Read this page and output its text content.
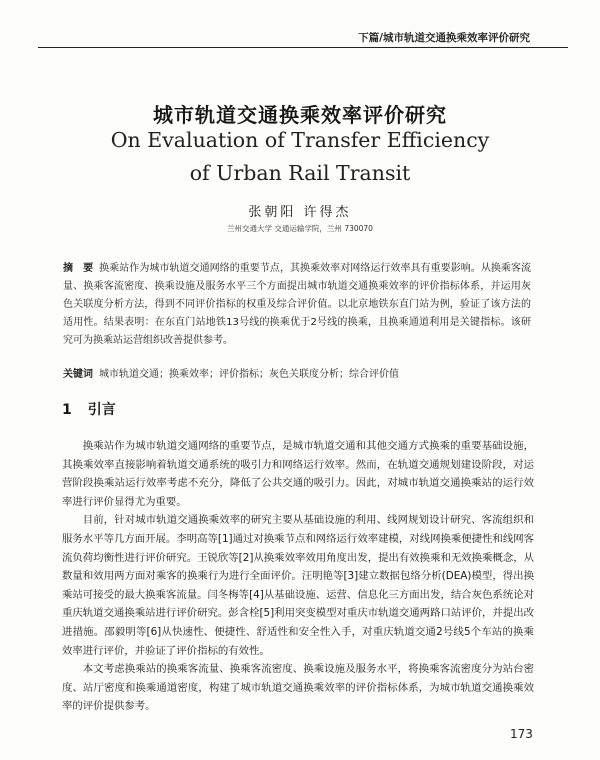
下篇/城市轨道交通换乘效率评价研究
城市轨道交通换乘效率评价研究
On Evaluation of Transfer Efficiency
of Urban Rail Transit
张朝阳 许得杰
兰州交通大学 交通运输学院，兰州 730070
摘　要 换乘站作为城市轨道交通网络的重要节点，其换乘效率对网络运行效率具有重要影响。从换乘客流量、换乘客流密度、换乘设施及服务水平三个方面提出城市轨道交通换乘效率的评价指标体系，并运用灰色关联度分析方法，得到不同评价指标的权重及综合评价值。以北京地铁东直门站为例，验证了该方法的适用性。结果表明：在东直门站地铁13号线的换乘优于2号线的换乘，且换乘通道利用是关键指标。该研究可为换乘站运营组织改善提供参考。
关键词 城市轨道交通；换乘效率；评价指标；灰色关联度分析；综合评价值
1 引言

换乘站作为城市轨道交通网络的重要节点，是城市轨道交通和其他交通方式换乘的重要基础设施，其换乘效率直接影响着轨道交通系统的吸引力和网络运行效率。然而，在轨道交通规划建设阶段，对运营阶段换乘站运行效率考虑不充分，降低了公共交通的吸引力。因此，对城市轨道交通换乘站的运行效率进行评价显得尤为重要。

目前，针对城市轨道交通换乘效率的研究主要从基础设施的利用、线网规划设计研究、客流组织和服务水平等几方面开展。李明高等[1]通过对换乘节点和网络运行效率建模，对线网换乘便捷性和线网客流负荷均衡性进行评价研究。王锐欣等[2]从换乘效率效用角度出发，提出有效换乘和无效换乘概念，从数量和效用两方面对乘客的换乘行为进行全面评价。汪明艳等[3]建立数据包络分析(DEA)模型，得出换乘站可接受的最大换乘客流量。闫冬梅等[4]从基础设施、运营、信息化三方面出发，结合灰色系统论对重庆轨道交通换乘站进行评价研究。彭含栓[5]利用突变模型对重庆市轨道交通两路口站评价，并提出改进措施。邵毅明等[6]从快速性、便捷性、舒适性和安全性入手，对重庆轨道交通2号线5个车站的换乘效率进行评价，并验证了评价指标的有效性。

本文考虑换乘站的换乘客流量、换乘客流密度、换乘设施及服务水平，将换乘客流密度分为站台密度、站厅密度和换乘通道密度，构建了城市轨道交通换乘效率的评价指标体系，为城市轨道交通换乘效率的评价提供参考。

173
